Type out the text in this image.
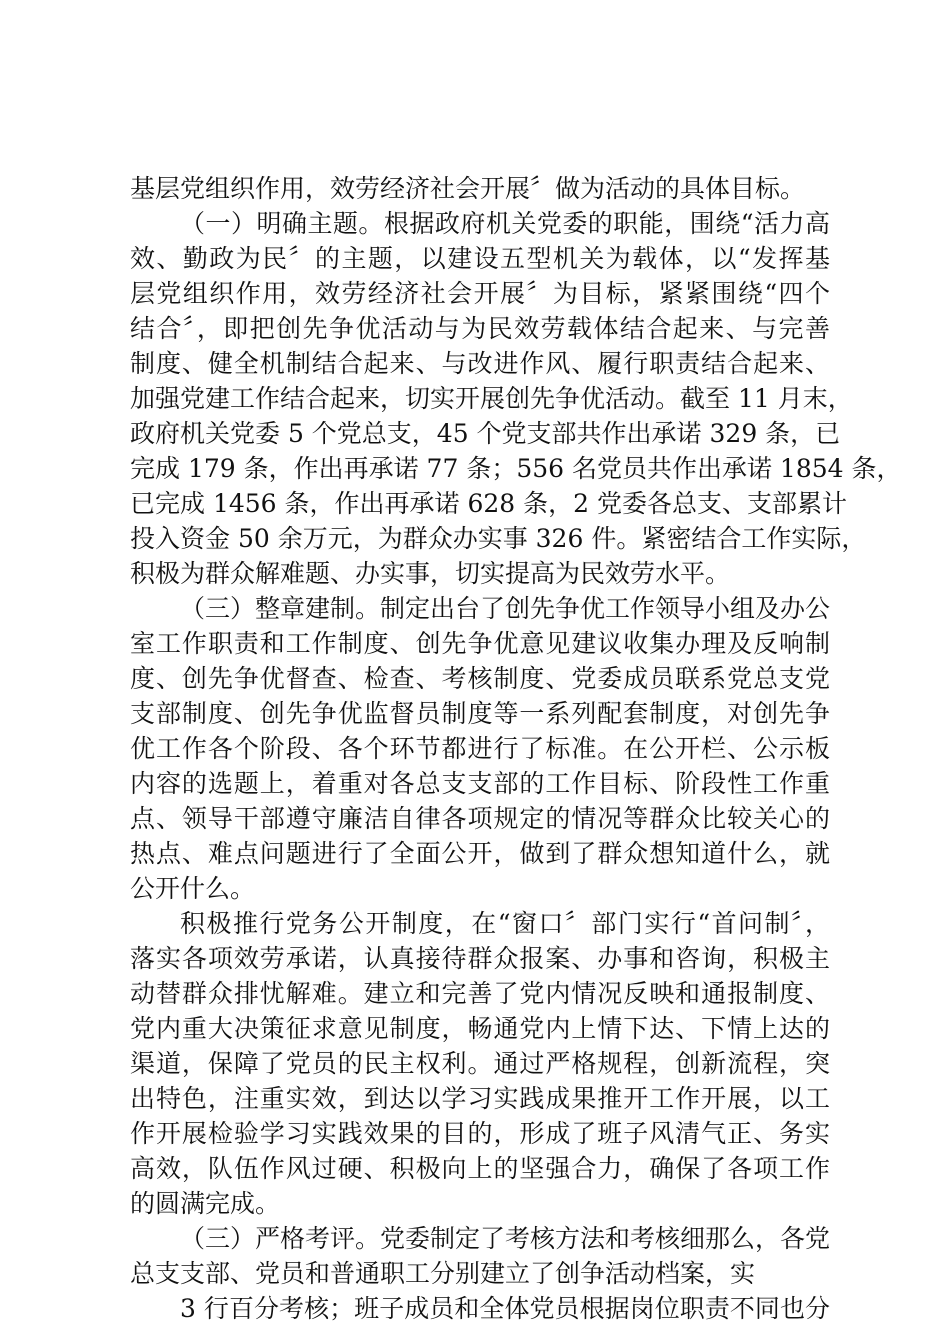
基层党组织作用，效劳经济社会开展〞做为活动的具体目标。
（一）明确主题。根据政府机关党委的职能，围绕“活力高
效、勤政为民〞的主题，以建设五型机关为载体，以“发挥基
层党组织作用，效劳经济社会开展〞为目标，紧紧围绕“四个
结合〞，即把创先争优活动与为民效劳载体结合起来、与完善
制度、健全机制结合起来、与改进作风、履行职责结合起来、
加强党建工作结合起来，切实开展创先争优活动。截至 11 月末，
政府机关党委 5 个党总支，45 个党支部共作出承诺 329 条，已
完成 179 条，作出再承诺 77 条；556 名党员共作出承诺 1854 条，
已完成 1456 条，作出再承诺 628 条，2 党委各总支、支部累计
投入资金 50 余万元，为群众办实事 326 件。紧密结合工作实际，
积极为群众解难题、办实事，切实提高为民效劳水平。
（三）整章建制。制定出台了创先争优工作领导小组及办公
室工作职责和工作制度、创先争优意见建议收集办理及反响制
度、创先争优督查、检查、考核制度、党委成员联系党总支党
支部制度、创先争优监督员制度等一系列配套制度，对创先争
优工作各个阶段、各个环节都进行了标准。在公开栏、公示板
内容的选题上，着重对各总支支部的工作目标、阶段性工作重
点、领导干部遵守廉洁自律各项规定的情况等群众比较关心的
热点、难点问题进行了全面公开，做到了群众想知道什么，就
公开什么。
积极推行党务公开制度，在“窗口〞部门实行“首问制〞，
落实各项效劳承诺，认真接待群众报案、办事和咨询，积极主
动替群众排忧解难。建立和完善了党内情况反映和通报制度、
党内重大决策征求意见制度，畅通党内上情下达、下情上达的
渠道，保障了党员的民主权利。通过严格规程，创新流程，突
出特色，注重实效，到达以学习实践成果推开工作开展，以工
作开展检验学习实践效果的目的，形成了班子风清气正、务实
高效，队伍作风过硬、积极向上的坚强合力，确保了各项工作
的圆满完成。
（三）严格考评。党委制定了考核方法和考核细那么，各党
总支支部、党员和普通职工分别建立了创争活动档案，实
3 行百分考核；班子成员和全体党员根据岗位职责不同也分
